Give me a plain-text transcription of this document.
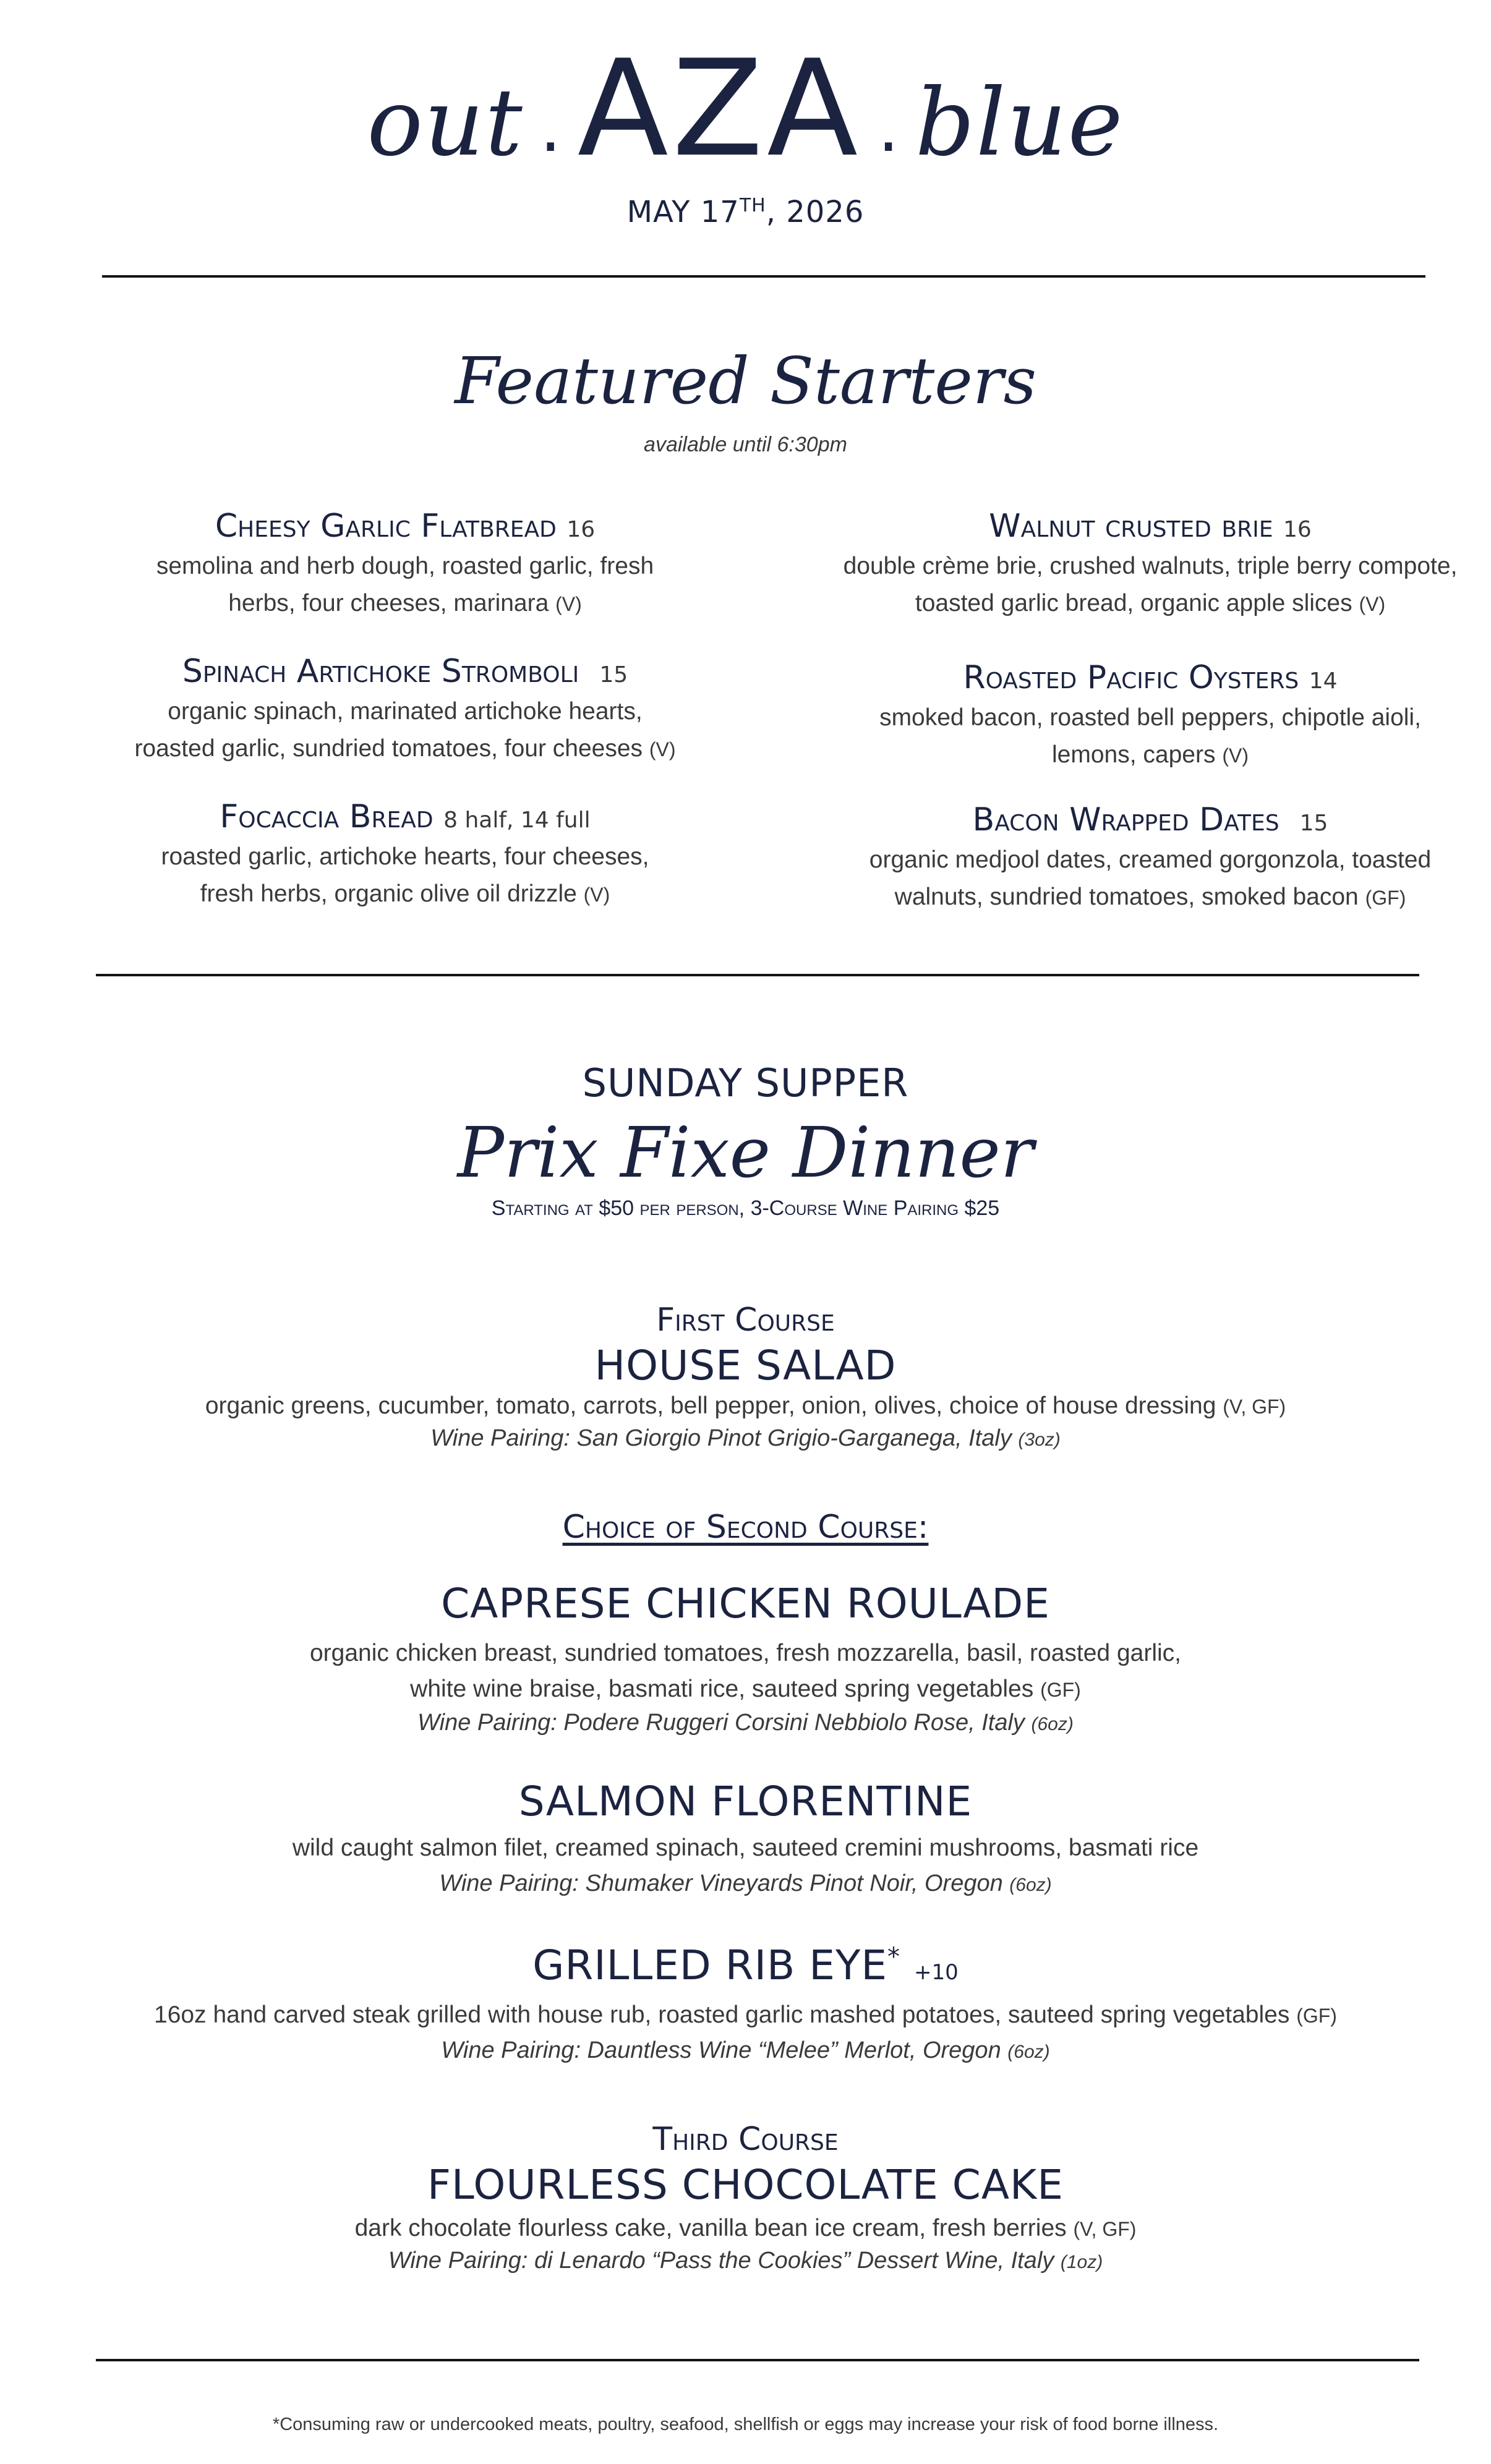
out . AZA . blue
MAY 17TH, 2026
Featured Starters
available until 6:30pm
Cheesy Garlic Flatbread 16
semolina and herb dough, roasted garlic, fresh
herbs, four cheeses, marinara (V)
Spinach Artichoke Stromboli 15
organic spinach, marinated artichoke hearts,
roasted garlic, sundried tomatoes, four cheeses (V)
Focaccia Bread 8 half, 14 full
roasted garlic, artichoke hearts, four cheeses,
fresh herbs, organic olive oil drizzle (V)
Walnut crusted brie 16
double crème brie, crushed walnuts, triple berry compote,
toasted garlic bread, organic apple slices (V)
Roasted Pacific Oysters 14
smoked bacon, roasted bell peppers, chipotle aioli,
lemons, capers (V)
Bacon Wrapped Dates 15
organic medjool dates, creamed gorgonzola, toasted
walnuts, sundried tomatoes, smoked bacon (GF)
SUNDAY SUPPER
Prix Fixe Dinner
Starting at $50 per person, 3-Course Wine Pairing $25
First Course
HOUSE SALAD
organic greens, cucumber, tomato, carrots, bell pepper, onion, olives, choice of house dressing (V, GF)
Wine Pairing: San Giorgio Pinot Grigio-Garganega, Italy (3oz)
Choice of Second Course:
CAPRESE CHICKEN ROULADE
organic chicken breast, sundried tomatoes, fresh mozzarella, basil, roasted garlic,
white wine braise, basmati rice, sauteed spring vegetables (GF)
Wine Pairing: Podere Ruggeri Corsini Nebbiolo Rose, Italy (6oz)
SALMON FLORENTINE
wild caught salmon filet, creamed spinach, sauteed cremini mushrooms, basmati rice
Wine Pairing: Shumaker Vineyards Pinot Noir, Oregon (6oz)
GRILLED RIB EYE* +10
16oz hand carved steak grilled with house rub, roasted garlic mashed potatoes, sauteed spring vegetables (GF)
Wine Pairing: Dauntless Wine “Melee” Merlot, Oregon (6oz)
Third Course
FLOURLESS CHOCOLATE CAKE
dark chocolate flourless cake, vanilla bean ice cream, fresh berries (V, GF)
Wine Pairing: di Lenardo “Pass the Cookies” Dessert Wine, Italy (1oz)
*Consuming raw or undercooked meats, poultry, seafood, shellfish or eggs may increase your risk of food borne illness.
